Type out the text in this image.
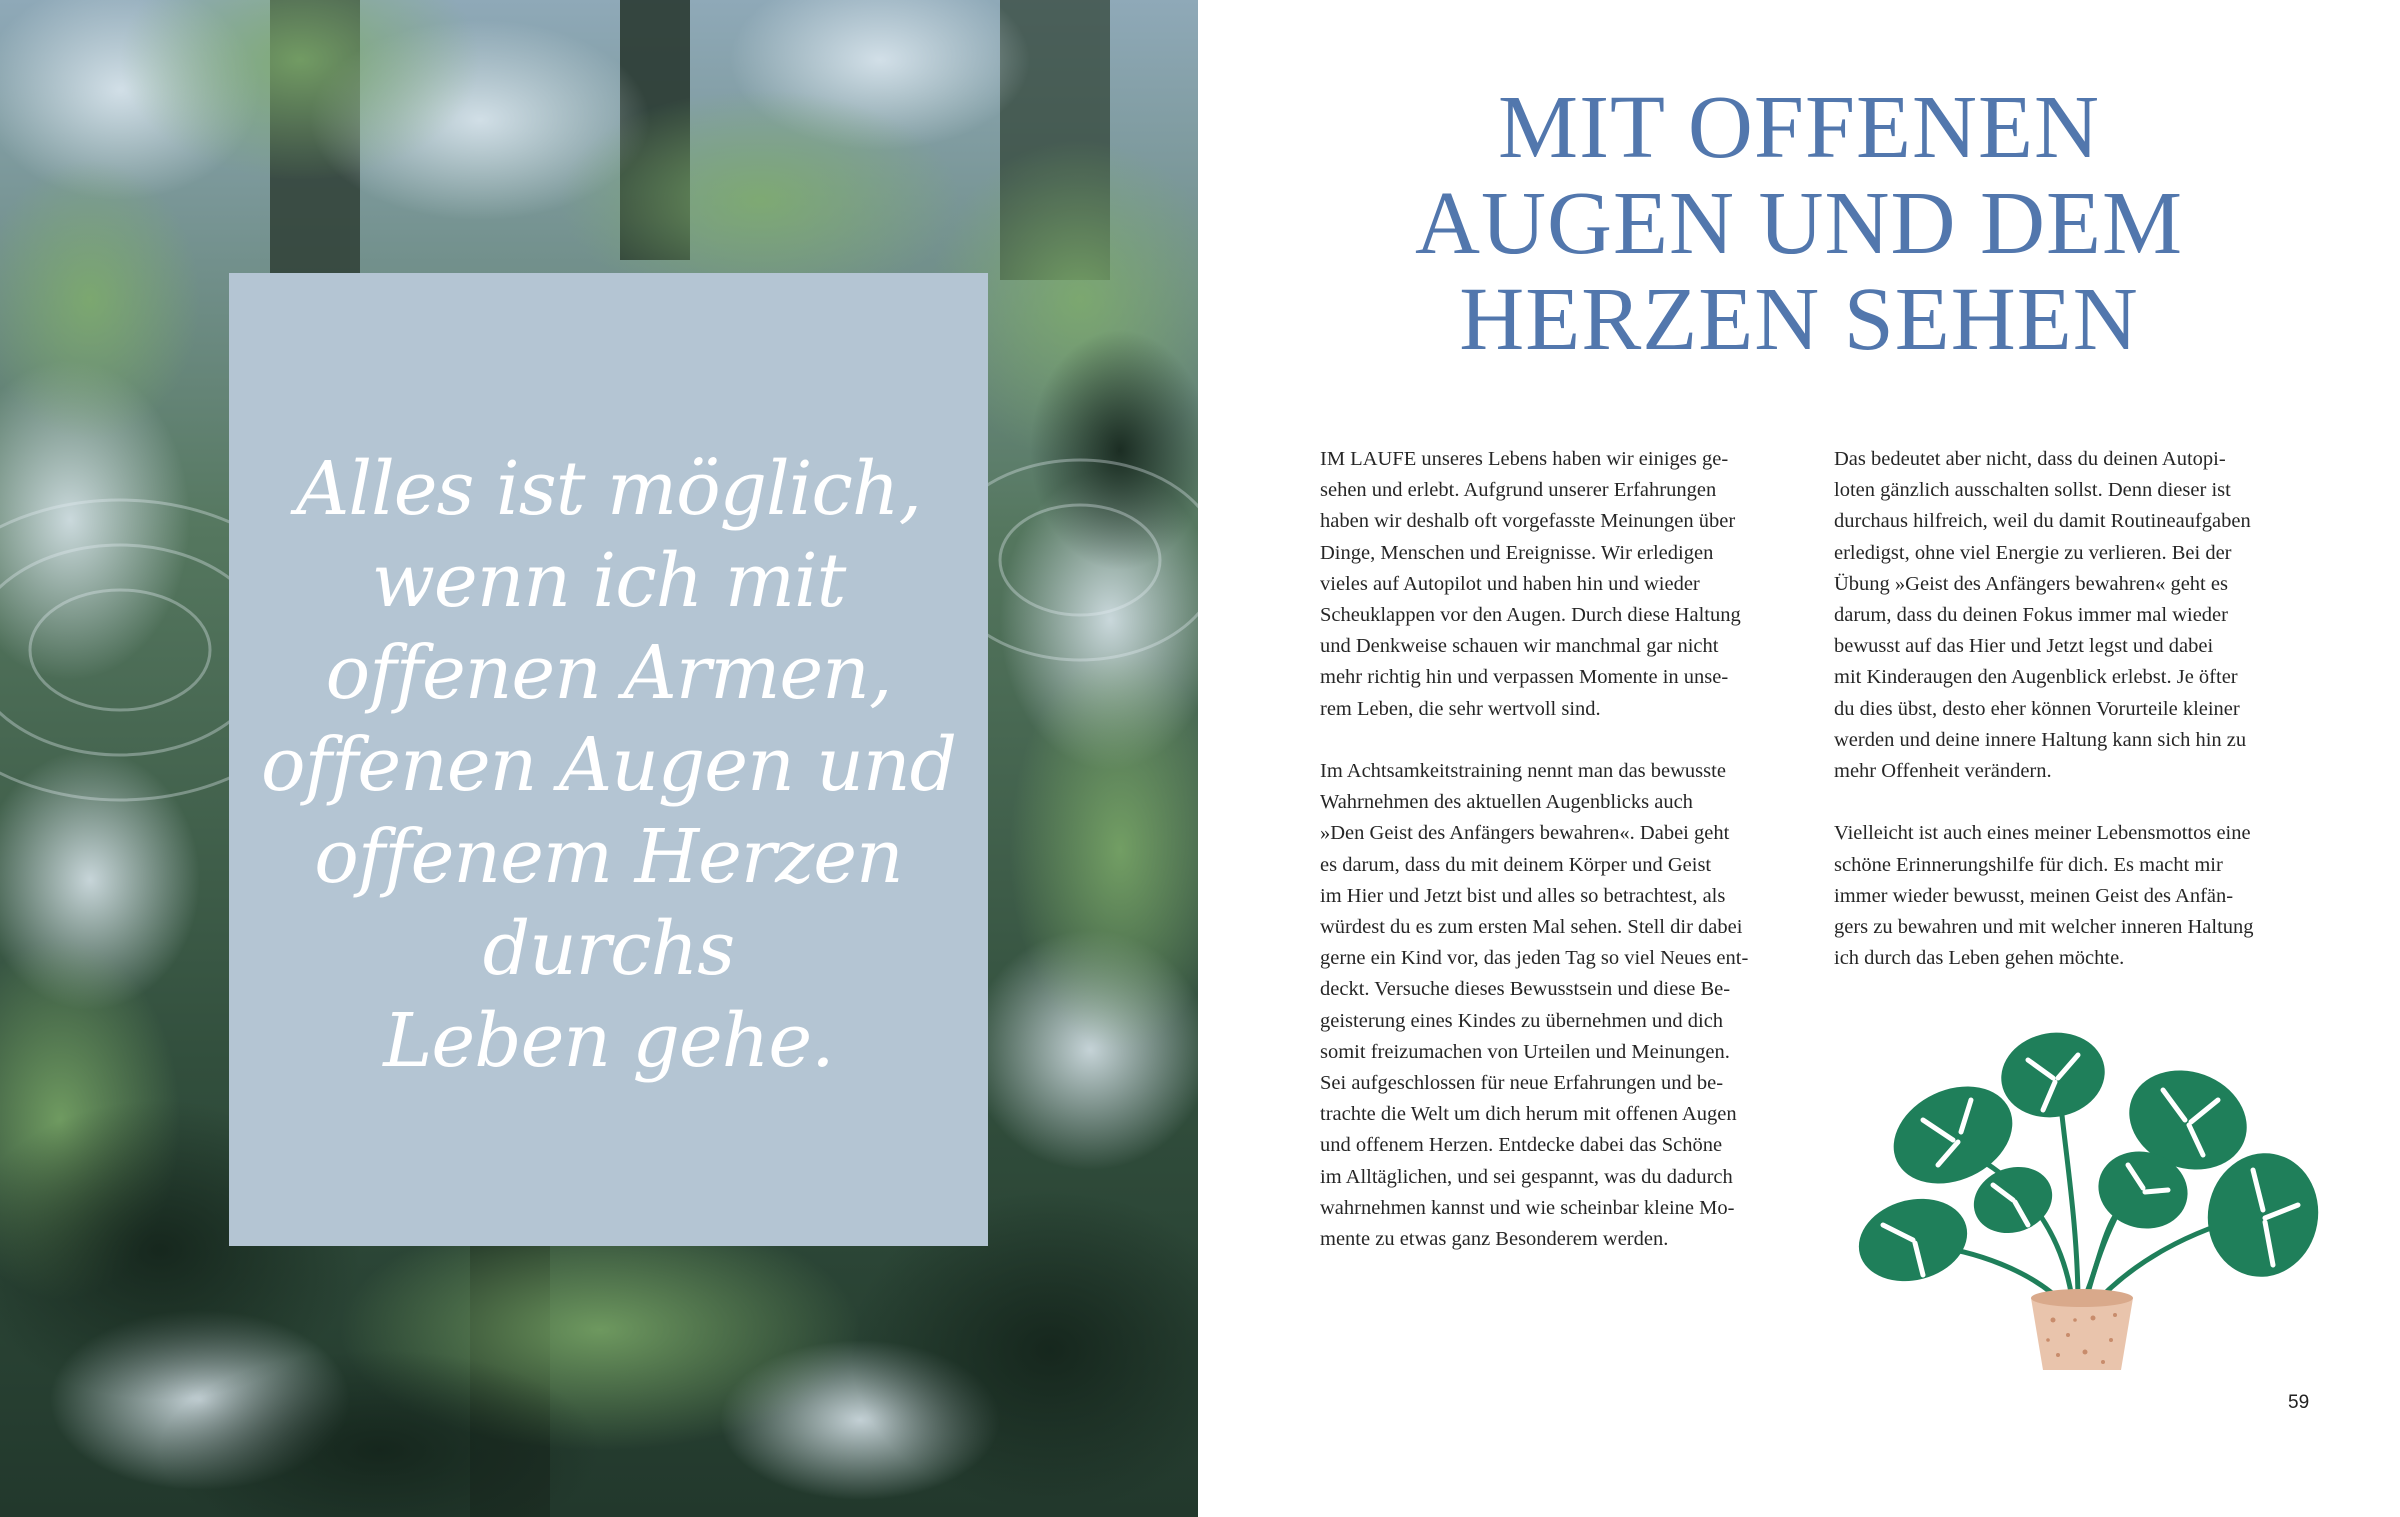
Alles ist möglich,
wenn ich mit
offenen Armen,
offenen Augen und
offenem Herzen
durchs
Leben gehe.

MIT OFFENEN
AUGEN UND DEM
HERZEN SEHEN

IM LAUFE unseres Lebens haben wir einiges ge-
sehen und erlebt. Aufgrund unserer Erfahrungen
haben wir deshalb oft vorgefasste Meinungen über
Dinge, Menschen und Ereignisse. Wir erledigen
vieles auf Autopilot und haben hin und wieder
Scheuklappen vor den Augen. Durch diese Haltung
und Denkweise schauen wir manchmal gar nicht
mehr richtig hin und verpassen Momente in unse-
rem Leben, die sehr wertvoll sind.

Im Achtsamkeitstraining nennt man das bewusste
Wahrnehmen des aktuellen Augenblicks auch
»Den Geist des Anfängers bewahren«. Dabei geht
es darum, dass du mit deinem Körper und Geist
im Hier und Jetzt bist und alles so betrachtest, als
würdest du es zum ersten Mal sehen. Stell dir dabei
gerne ein Kind vor, das jeden Tag so viel Neues ent-
deckt. Versuche dieses Bewusstsein und diese Be-
geisterung eines Kindes zu übernehmen und dich
somit freizumachen von Urteilen und Meinungen.
Sei aufgeschlossen für neue Erfahrungen und be-
trachte die Welt um dich herum mit offenen Augen
und offenem Herzen. Entdecke dabei das Schöne
im Alltäglichen, und sei gespannt, was du dadurch
wahrnehmen kannst und wie scheinbar kleine Mo-
mente zu etwas ganz Besonderem werden.

Das bedeutet aber nicht, dass du deinen Autopi-
loten gänzlich ausschalten sollst. Denn dieser ist
durchaus hilfreich, weil du damit Routineaufgaben
erledigst, ohne viel Energie zu verlieren. Bei der
Übung »Geist des Anfängers bewahren« geht es
darum, dass du deinen Fokus immer mal wieder
bewusst auf das Hier und Jetzt legst und dabei
mit Kinderaugen den Augenblick erlebst. Je öfter
du dies übst, desto eher können Vorurteile kleiner
werden und deine innere Haltung kann sich hin zu
mehr Offenheit verändern.

Vielleicht ist auch eines meiner Lebensmottos eine
schöne Erinnerungshilfe für dich. Es macht mir
immer wieder bewusst, meinen Geist des Anfän-
gers zu bewahren und mit welcher inneren Haltung
ich durch das Leben gehen möchte.

59
